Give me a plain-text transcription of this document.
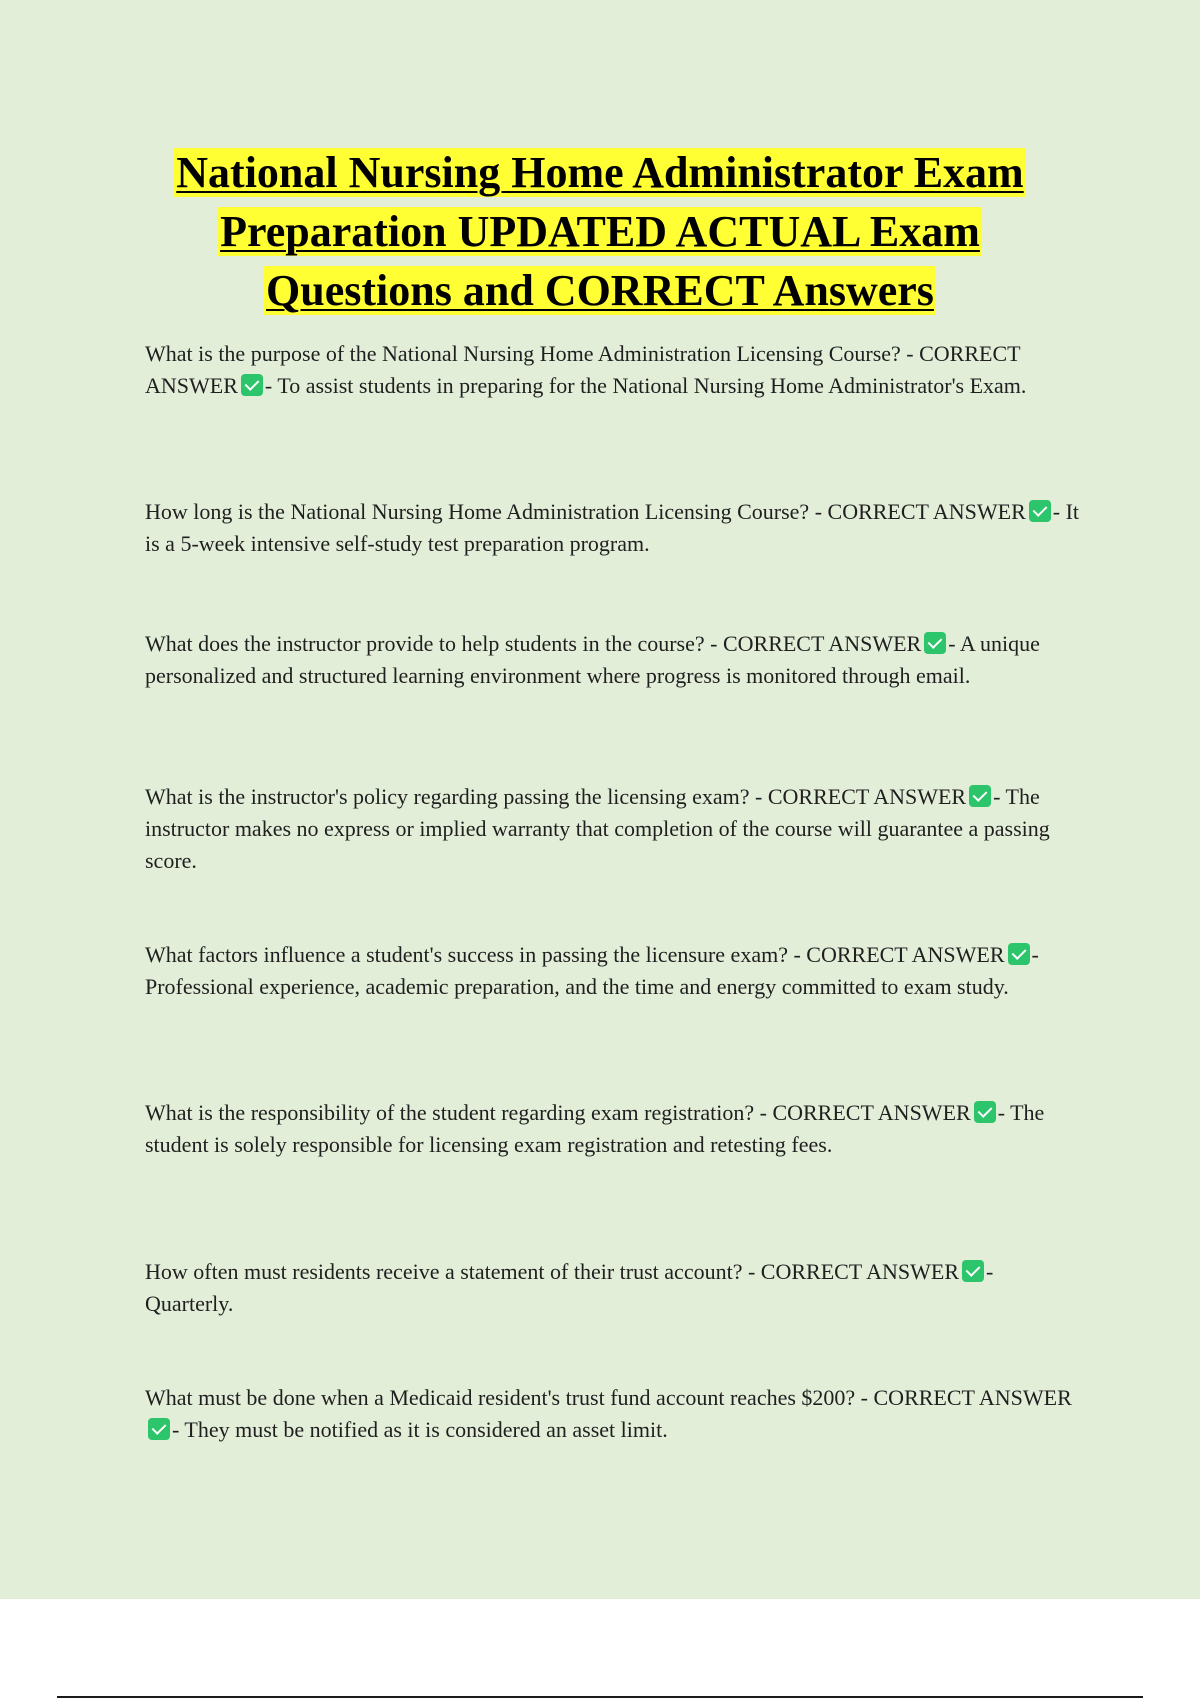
National Nursing Home Administrator Exam
Preparation UPDATED ACTUAL Exam
Questions and CORRECT Answers
What is the purpose of the National Nursing Home Administration Licensing Course? - CORRECT ANSWER - To assist students in preparing for the National Nursing Home Administrator's Exam.
How long is the National Nursing Home Administration Licensing Course? - CORRECT ANSWER - It is a 5-week intensive self-study test preparation program.
What does the instructor provide to help students in the course? - CORRECT ANSWER - A unique personalized and structured learning environment where progress is monitored through email.
What is the instructor's policy regarding passing the licensing exam? - CORRECT ANSWER - The instructor makes no express or implied warranty that completion of the course will guarantee a passing score.
What factors influence a student's success in passing the licensure exam? - CORRECT ANSWER - Professional experience, academic preparation, and the time and energy committed to exam study.
What is the responsibility of the student regarding exam registration? - CORRECT ANSWER - The student is solely responsible for licensing exam registration and retesting fees.
How often must residents receive a statement of their trust account? - CORRECT ANSWER - Quarterly.
What must be done when a Medicaid resident's trust fund account reaches $200? - CORRECT ANSWER- They must be notified as it is considered an asset limit.
